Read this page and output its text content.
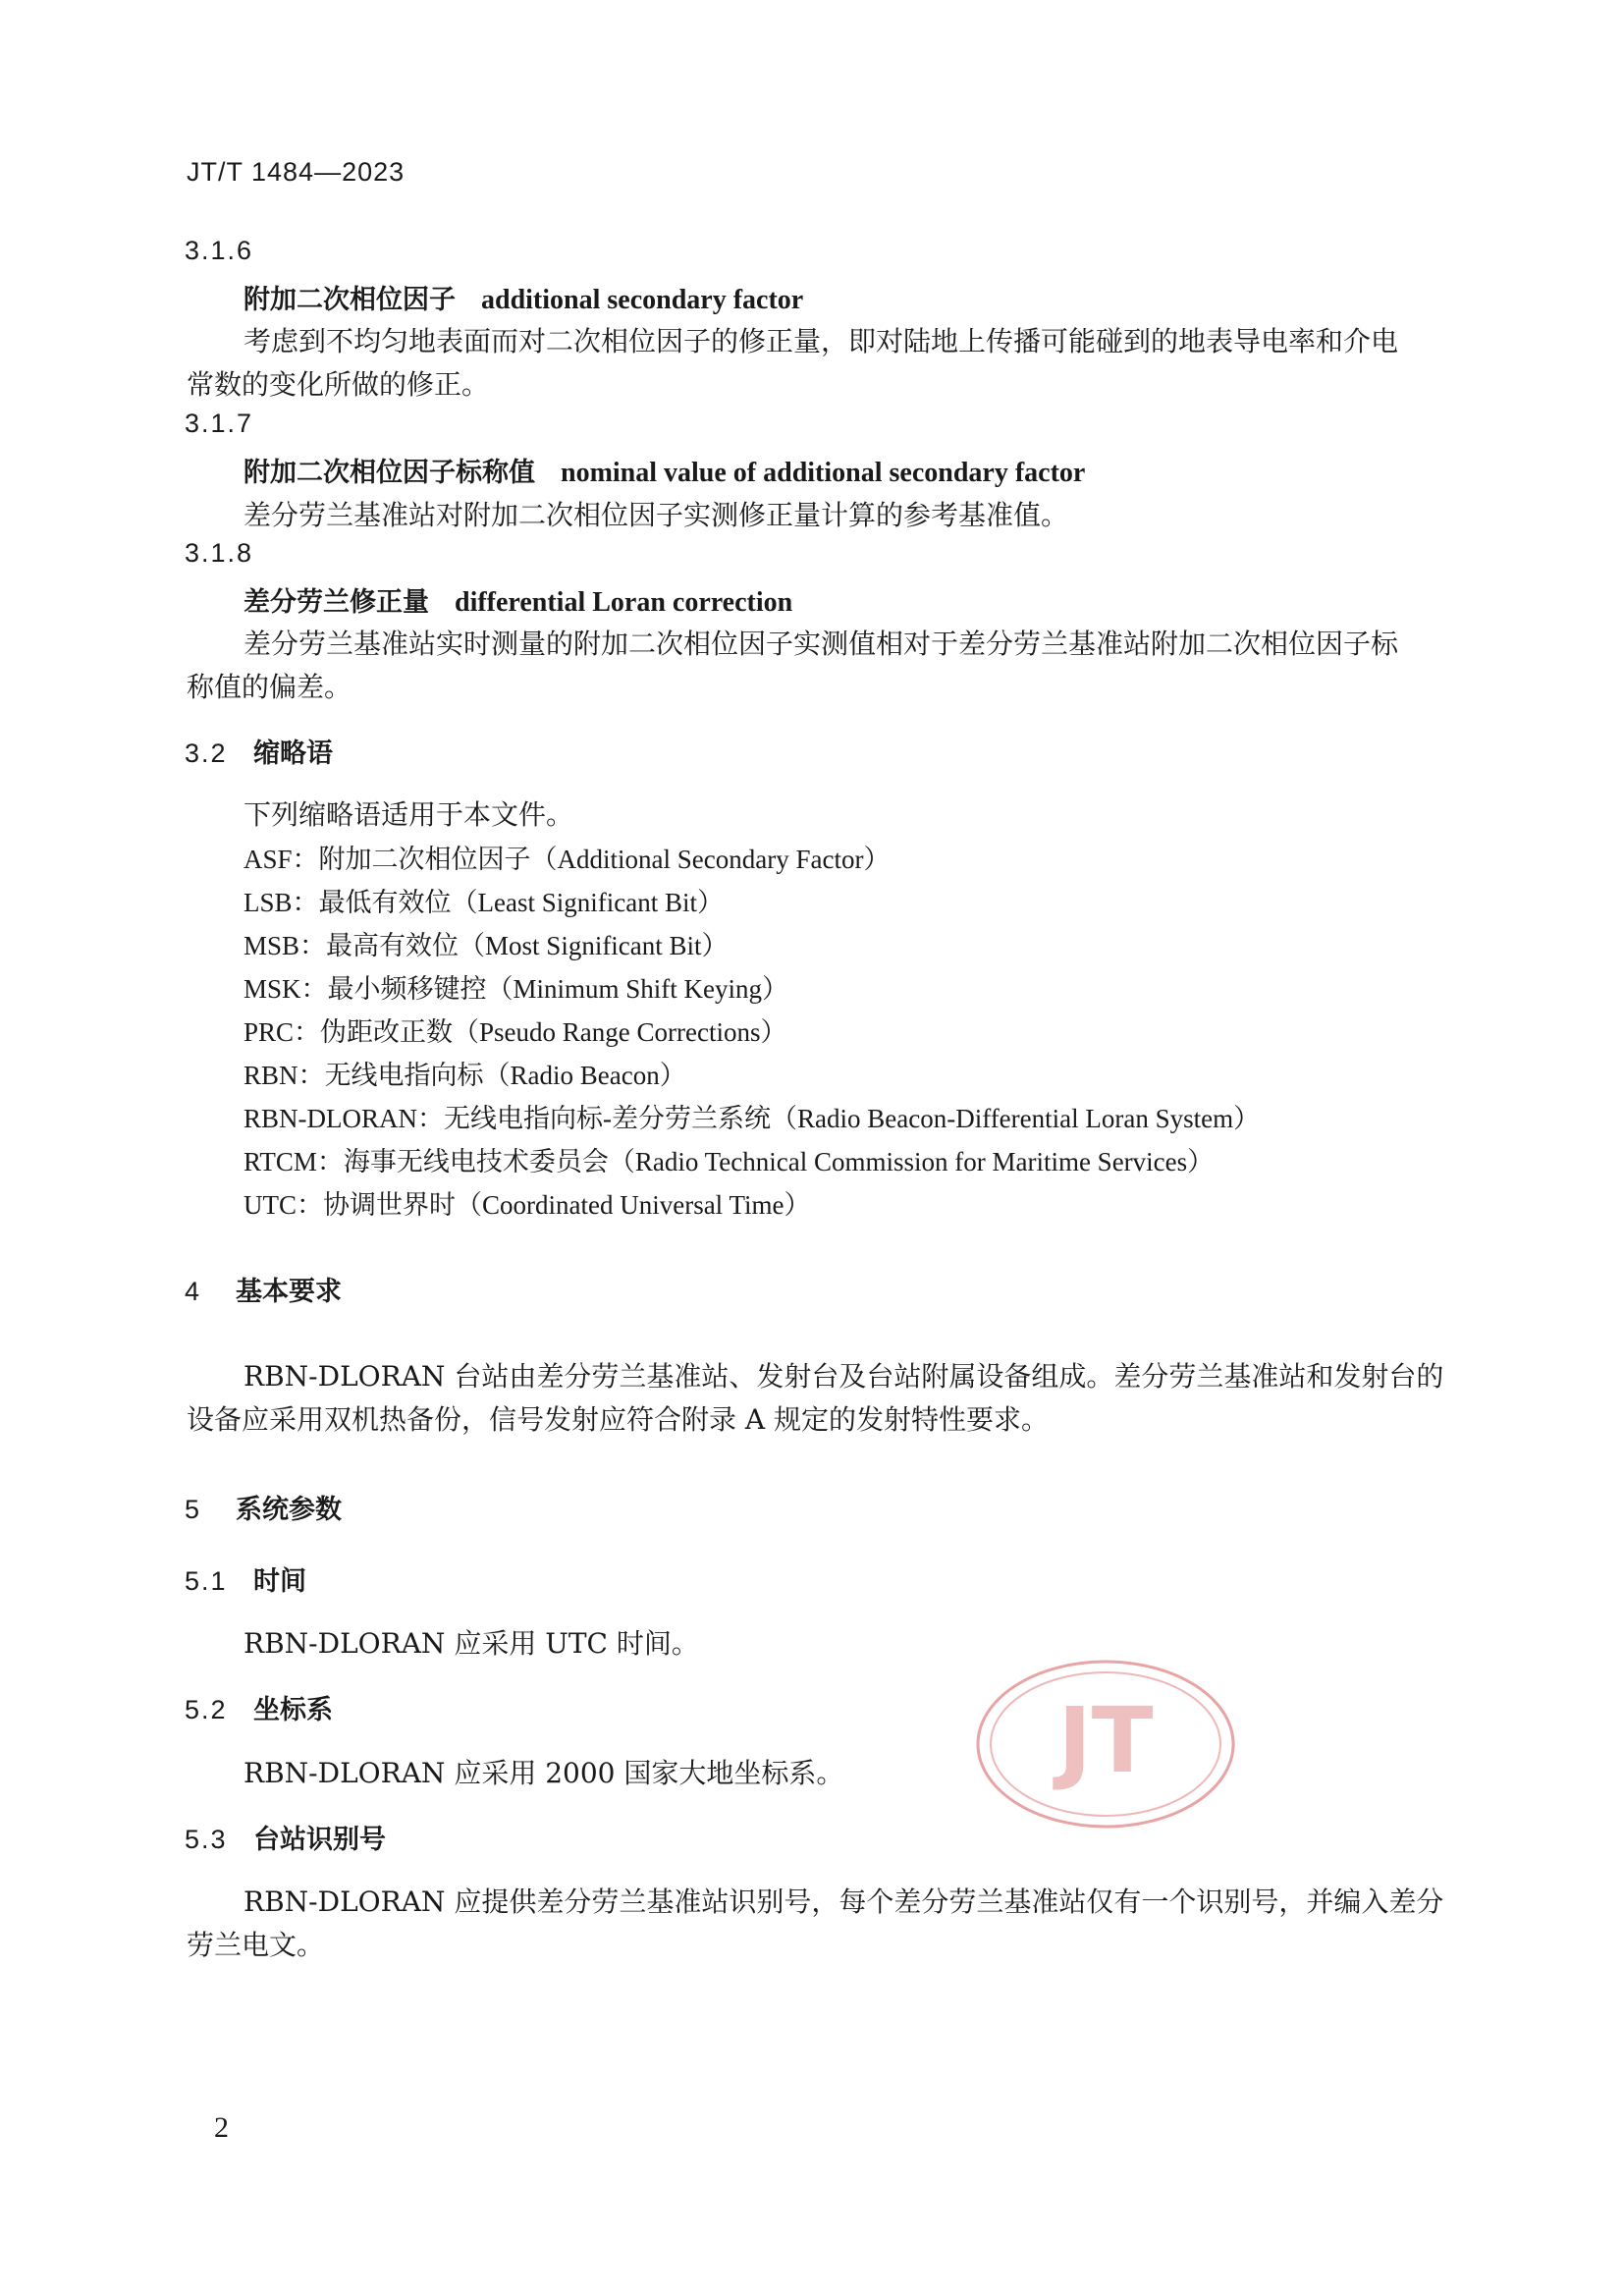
JT/T 1484—2023
3.1.6
附加二次相位因子 additional secondary factor
考虑到不均匀地表面而对二次相位因子的修正量，即对陆地上传播可能碰到的地表导电率和介电
常数的变化所做的修正。
3.1.7
附加二次相位因子标称值 nominal value of additional secondary factor
差分劳兰基准站对附加二次相位因子实测修正量计算的参考基准值。
3.1.8
差分劳兰修正量 differential Loran correction
差分劳兰基准站实时测量的附加二次相位因子实测值相对于差分劳兰基准站附加二次相位因子标
称值的偏差。
3.2 缩略语
下列缩略语适用于本文件。
ASF：附加二次相位因子（Additional Secondary Factor）
LSB：最低有效位（Least Significant Bit）
MSB：最高有效位（Most Significant Bit）
MSK：最小频移键控（Minimum Shift Keying）
PRC：伪距改正数（Pseudo Range Corrections）
RBN：无线电指向标（Radio Beacon）
RBN-DLORAN：无线电指向标-差分劳兰系统（Radio Beacon-Differential Loran System）
RTCM：海事无线电技术委员会（Radio Technical Commission for Maritime Services）
UTC：协调世界时（Coordinated Universal Time）
4 基本要求
RBN-DLORAN 台站由差分劳兰基准站、发射台及台站附属设备组成。差分劳兰基准站和发射台的
设备应采用双机热备份，信号发射应符合附录 A 规定的发射特性要求。
5 系统参数
5.1 时间
RBN-DLORAN 应采用 UTC 时间。
5.2 坐标系
RBN-DLORAN 应采用 2000 国家大地坐标系。
5.3 台站识别号
RBN-DLORAN 应提供差分劳兰基准站识别号，每个差分劳兰基准站仅有一个识别号，并编入差分
劳兰电文。
JT
2
